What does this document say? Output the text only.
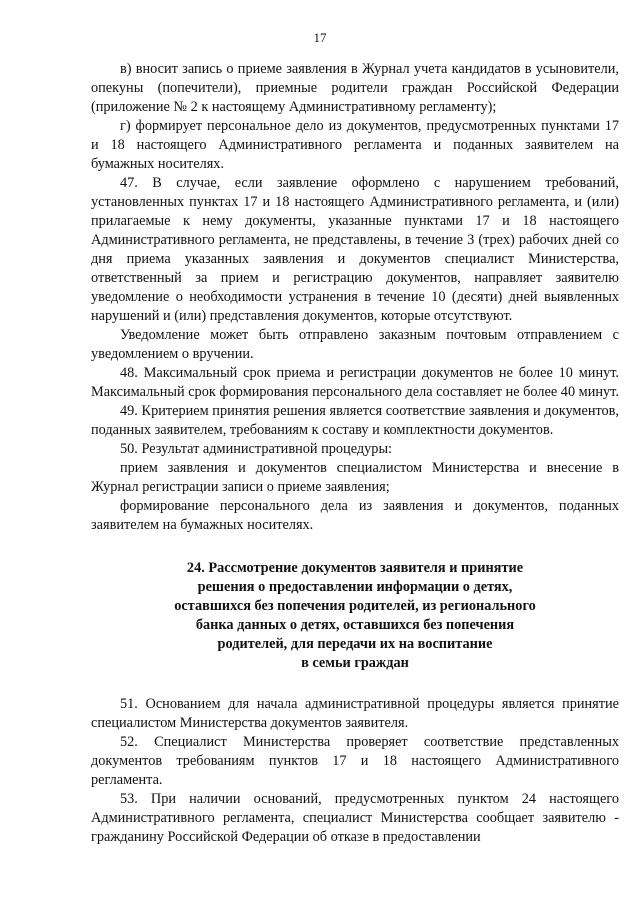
17

в) вносит запись о приеме заявления в Журнал учета кандидатов в усыновители, опекуны (попечители), приемные родители граждан Российской Федерации (приложение № 2 к настоящему Административному регламенту);

г) формирует персональное дело из документов, предусмотренных пунктами 17 и 18 настоящего Административного регламента и поданных заявителем на бумажных носителях.

47. В случае, если заявление оформлено с нарушением требований, установленных пунктах 17 и 18 настоящего Административного регламента, и (или) прилагаемые к нему документы, указанные пунктами 17 и 18 настоящего Административного регламента, не представлены, в течение 3 (трех) рабочих дней со дня приема указанных заявления и документов специалист Министерства, ответственный за прием и регистрацию документов, направляет заявителю уведомление о необходимости устранения в течение 10 (десяти) дней выявленных нарушений и (или) представления документов, которые отсутствуют.

Уведомление может быть отправлено заказным почтовым отправлением с уведомлением о вручении.

48. Максимальный срок приема и регистрации документов не более 10 минут. Максимальный срок формирования персонального дела составляет не более 40 минут.

49. Критерием принятия решения является соответствие заявления и документов, поданных заявителем, требованиям к составу и комплектности документов.

50. Результат административной процедуры:

прием заявления и документов специалистом Министерства и внесение в Журнал регистрации записи о приеме заявления;

формирование персонального дела из заявления и документов, поданных заявителем на бумажных носителях.

24. Рассмотрение документов заявителя и принятие
решения о предоставлении информации о детях,
оставшихся без попечения родителей, из регионального
банка данных о детях, оставшихся без попечения
родителей, для передачи их на воспитание
в семьи граждан

51. Основанием для начала административной процедуры является принятие специалистом Министерства документов заявителя.

52. Специалист Министерства проверяет соответствие представленных документов требованиям пунктов 17 и 18 настоящего Административного регламента.

53. При наличии оснований, предусмотренных пунктом 24 настоящего Административного регламента, специалист Министерства сообщает заявителю - гражданину Российской Федерации об отказе в предоставлении
